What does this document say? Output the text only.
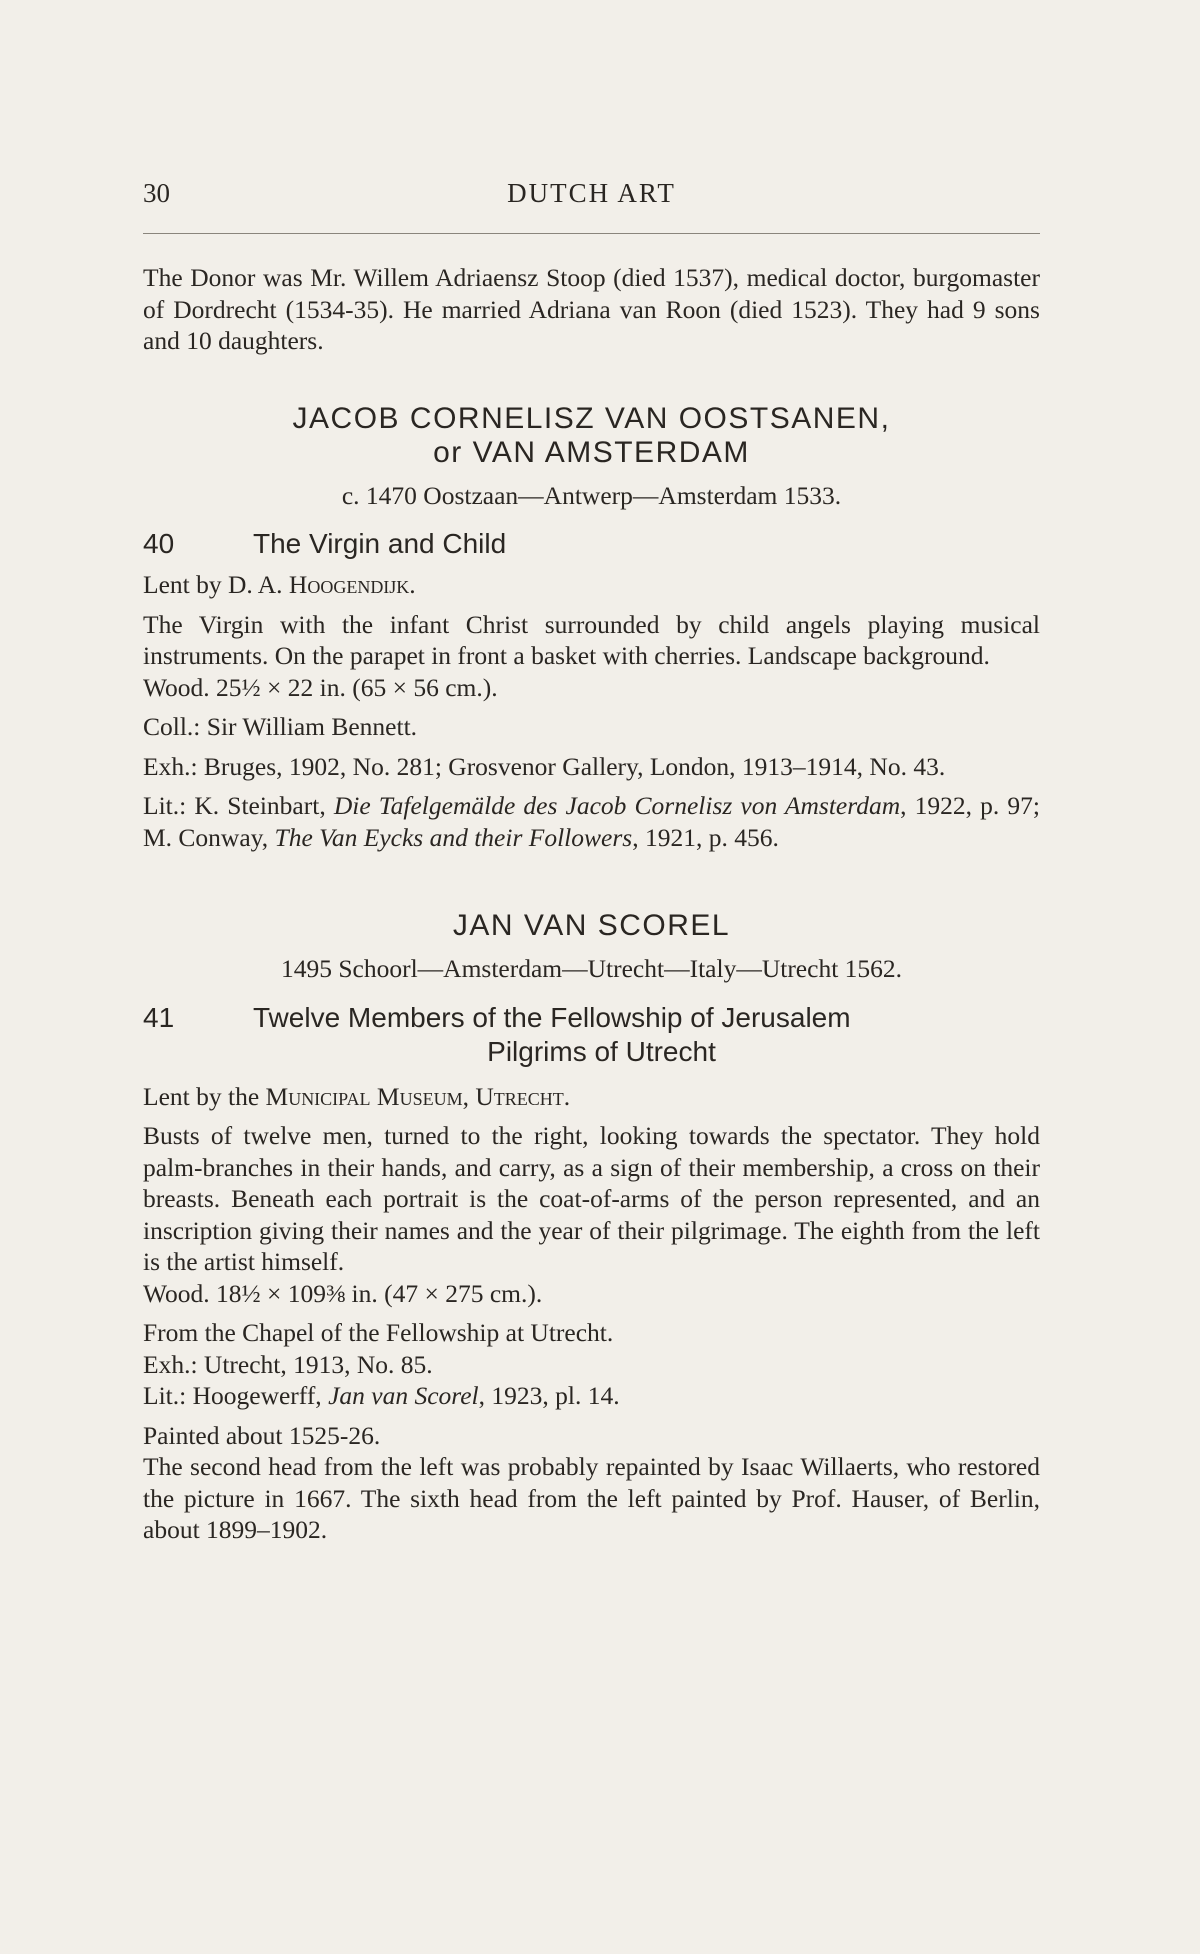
30	DUTCH ART

The Donor was Mr. Willem Adriaensz Stoop (died 1537), medical doctor, burgomaster of Dordrecht (1534-35). He married Adriana van Roon (died 1523). They had 9 sons and 10 daughters.

JACOB CORNELISZ VAN OOSTSANEN,
or VAN AMSTERDAM

c. 1470 Oostzaan—Antwerp—Amsterdam 1533.

40	The Virgin and Child

Lent by D. A. Hoogendijk.

The Virgin with the infant Christ surrounded by child angels playing musical instruments. On the parapet in front a basket with cherries. Landscape background.

Wood. 25½ × 22 in. (65 × 56 cm.).

Coll.: Sir William Bennett.

Exh.: Bruges, 1902, No. 281; Grosvenor Gallery, London, 1913–1914, No. 43.

Lit.: K. Steinbart, Die Tafelgemälde des Jacob Cornelisz von Amsterdam, 1922, p. 97; M. Conway, The Van Eycks and their Followers, 1921, p. 456.

JAN VAN SCOREL

1495 Schoorl—Amsterdam—Utrecht—Italy—Utrecht 1562.

41	Twelve Members of the Fellowship of Jerusalem
Pilgrims of Utrecht

Lent by the Municipal Museum, Utrecht.

Busts of twelve men, turned to the right, looking towards the spectator. They hold palm-branches in their hands, and carry, as a sign of their membership, a cross on their breasts. Beneath each portrait is the coat-of-arms of the person represented, and an inscription giving their names and the year of their pilgrimage. The eighth from the left is the artist himself.

Wood. 18½ × 109⅜ in. (47 × 275 cm.).

From the Chapel of the Fellowship at Utrecht.

Exh.: Utrecht, 1913, No. 85.

Lit.: Hoogewerff, Jan van Scorel, 1923, pl. 14.

Painted about 1525-26.

The second head from the left was probably repainted by Isaac Willaerts, who restored the picture in 1667. The sixth head from the left painted by Prof. Hauser, of Berlin, about 1899–1902.
